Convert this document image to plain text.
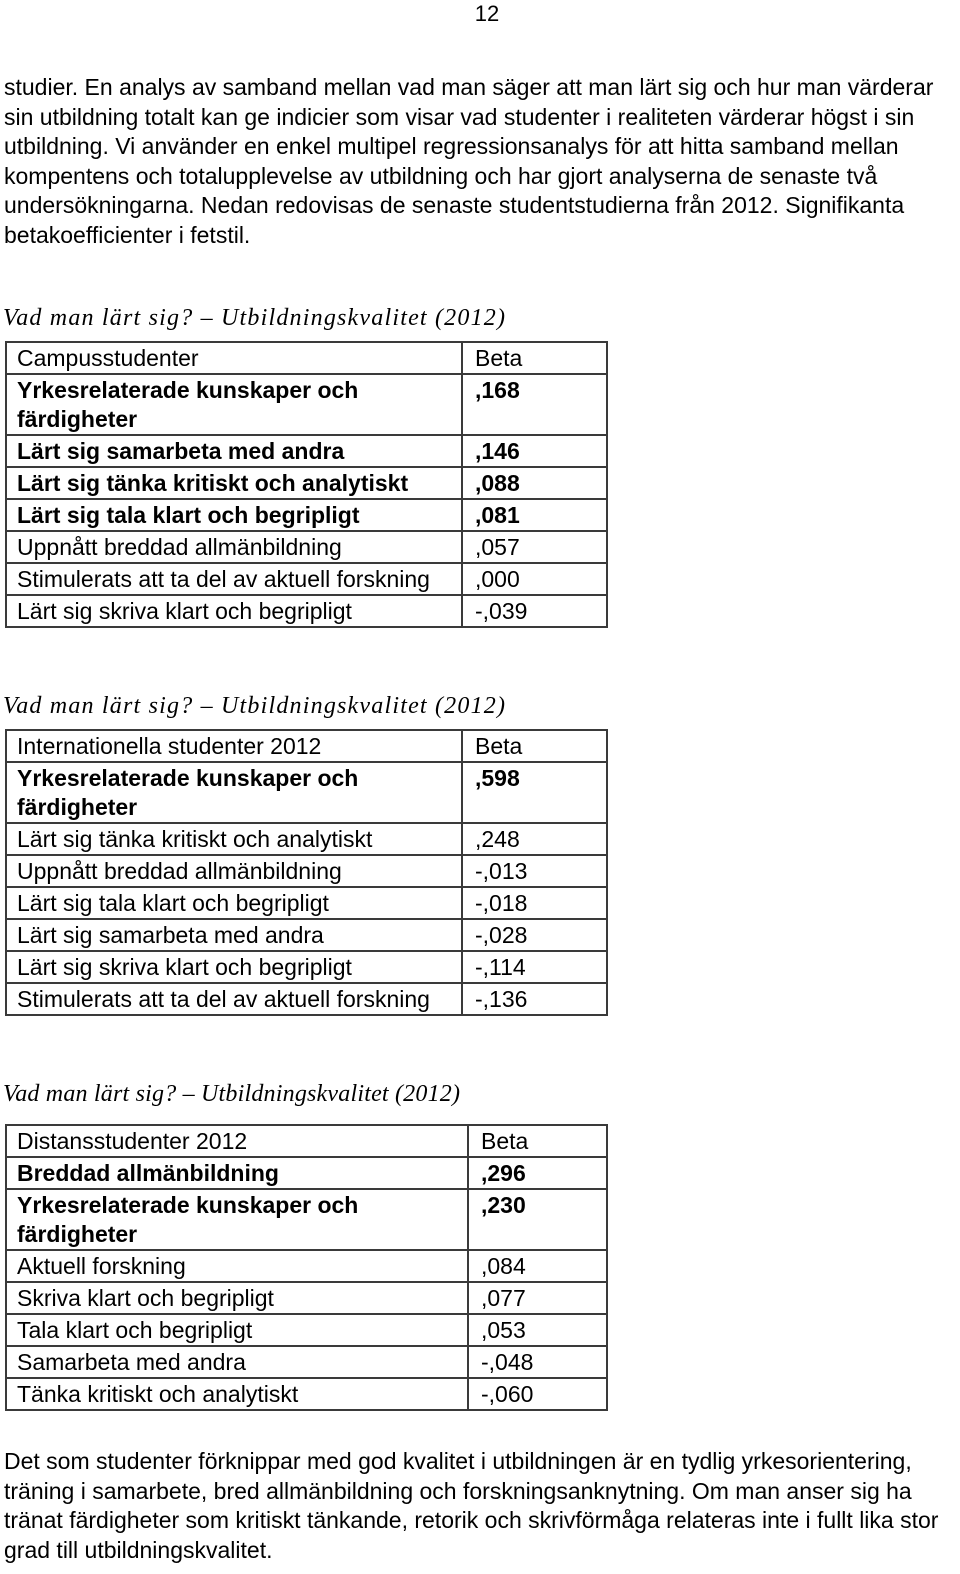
12

studier. En analys av samband mellan vad man säger att man lärt sig och hur man värderar sin utbildning totalt kan ge indicier som visar vad studenter i realiteten värderar högst i sin utbildning. Vi använder en enkel multipel regressionsanalys för att hitta samband mellan kompentens och totalupplevelse av utbildning och har gjort analyserna de senaste två undersökningarna. Nedan redovisas de senaste studentstudierna från 2012. Signifikanta betakoefficienter i fetstil.

Vad man lärt sig? – Utbildningskvalitet (2012)
Campusstudenter	Beta
Yrkesrelaterade kunskaper och färdigheter	,168
Lärt sig samarbeta med andra	,146
Lärt sig tänka kritiskt och analytiskt	,088
Lärt sig tala klart och begripligt	,081
Uppnått breddad allmänbildning	,057
Stimulerats att ta del av aktuell forskning	,000
Lärt sig skriva klart och begripligt	-,039
Vad man lärt sig? – Utbildningskvalitet (2012)
Internationella studenter 2012	Beta
Yrkesrelaterade kunskaper och färdigheter	,598
Lärt sig tänka kritiskt och analytiskt	,248
Uppnått breddad allmänbildning	-,013
Lärt sig tala klart och begripligt	-,018
Lärt sig samarbeta med andra	-,028
Lärt sig skriva klart och begripligt	-,114
Stimulerats att ta del av aktuell forskning	-,136
Vad man lärt sig? – Utbildningskvalitet (2012)
Distansstudenter 2012	Beta
Breddad allmänbildning	,296
Yrkesrelaterade kunskaper och färdigheter	,230
Aktuell forskning	,084
Skriva klart och begripligt	,077
Tala klart och begripligt	,053
Samarbeta med andra	-,048
Tänka kritiskt och analytiskt	-,060

Det som studenter förknippar med god kvalitet i utbildningen är en tydlig yrkesorientering, träning i samarbete, bred allmänbildning och forskningsanknytning. Om man anser sig ha tränat färdigheter som kritiskt tänkande, retorik och skrivförmåga relateras inte i fullt lika stor grad till utbildningskvalitet.
